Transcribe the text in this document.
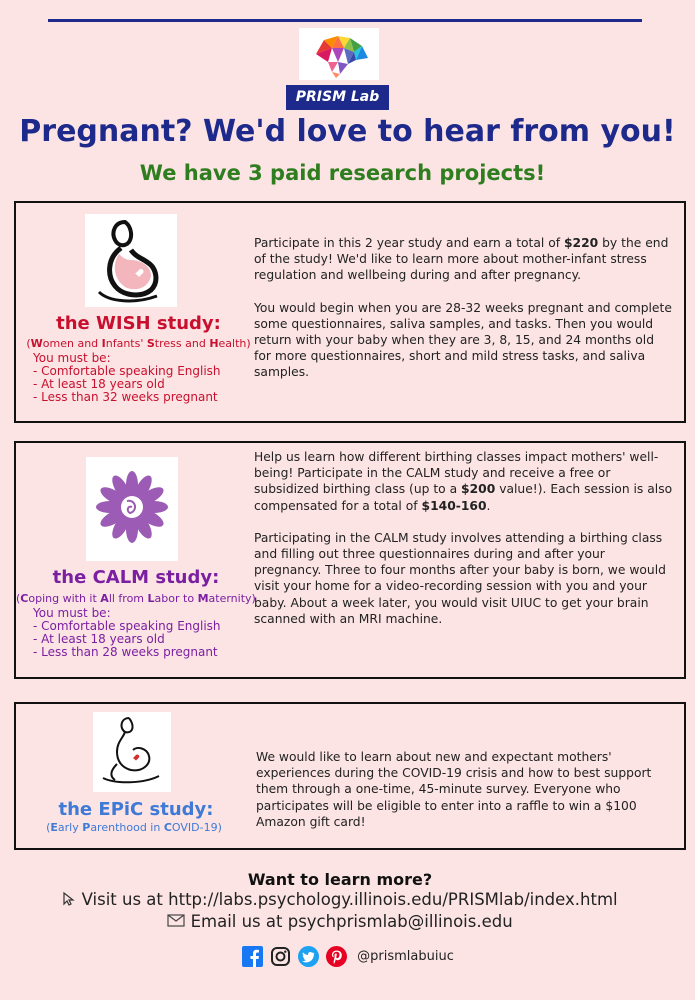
PRISM Lab
Pregnant? We'd love to hear from you!
We have 3 paid research projects!
the WISH study:
(Women and Infants' Stress and Health)
You must be:
- Comfortable speaking English
- At least 18 years old
- Less than 32 weeks pregnant

Participate in this 2 year study and earn a total of $220 by the end of the study! We'd like to learn more about mother-infant stress regulation and wellbeing during and after pregnancy.

You would begin when you are 28-32 weeks pregnant and complete some questionnaires, saliva samples, and tasks. Then you would return with your baby when they are 3, 8, 15, and 24 months old for more questionnaires, short and mild stress tasks, and saliva samples.

the CALM study:
(Coping with it All from Labor to Maternity)
You must be:
- Comfortable speaking English
- At least 18 years old
- Less than 28 weeks pregnant

Help us learn how different birthing classes impact mothers' well-being! Participate in the CALM study and receive a free or subsidized birthing class (up to a $200 value!). Each session is also compensated for a total of $140-160.

Participating in the CALM study involves attending a birthing class and filling out three questionnaires during and after your pregnancy. Three to four months after your baby is born, we would visit your home for a video-recording session with you and your baby. About a week later, you would visit UIUC to get your brain scanned with an MRI machine.

the EPiC study:
(Early Parenthood in COVID-19)
We would like to learn about new and expectant mothers' experiences during the COVID-19 crisis and how to best support them through a one-time, 45-minute survey. Everyone who participates will be eligible to enter into a raffle to win a $100 Amazon gift card!
Want to learn more?
Visit us at http://labs.psychology.illinois.edu/PRISMlab/index.html
Email us at psychprismlab@illinois.edu
@prismlabuiuc
